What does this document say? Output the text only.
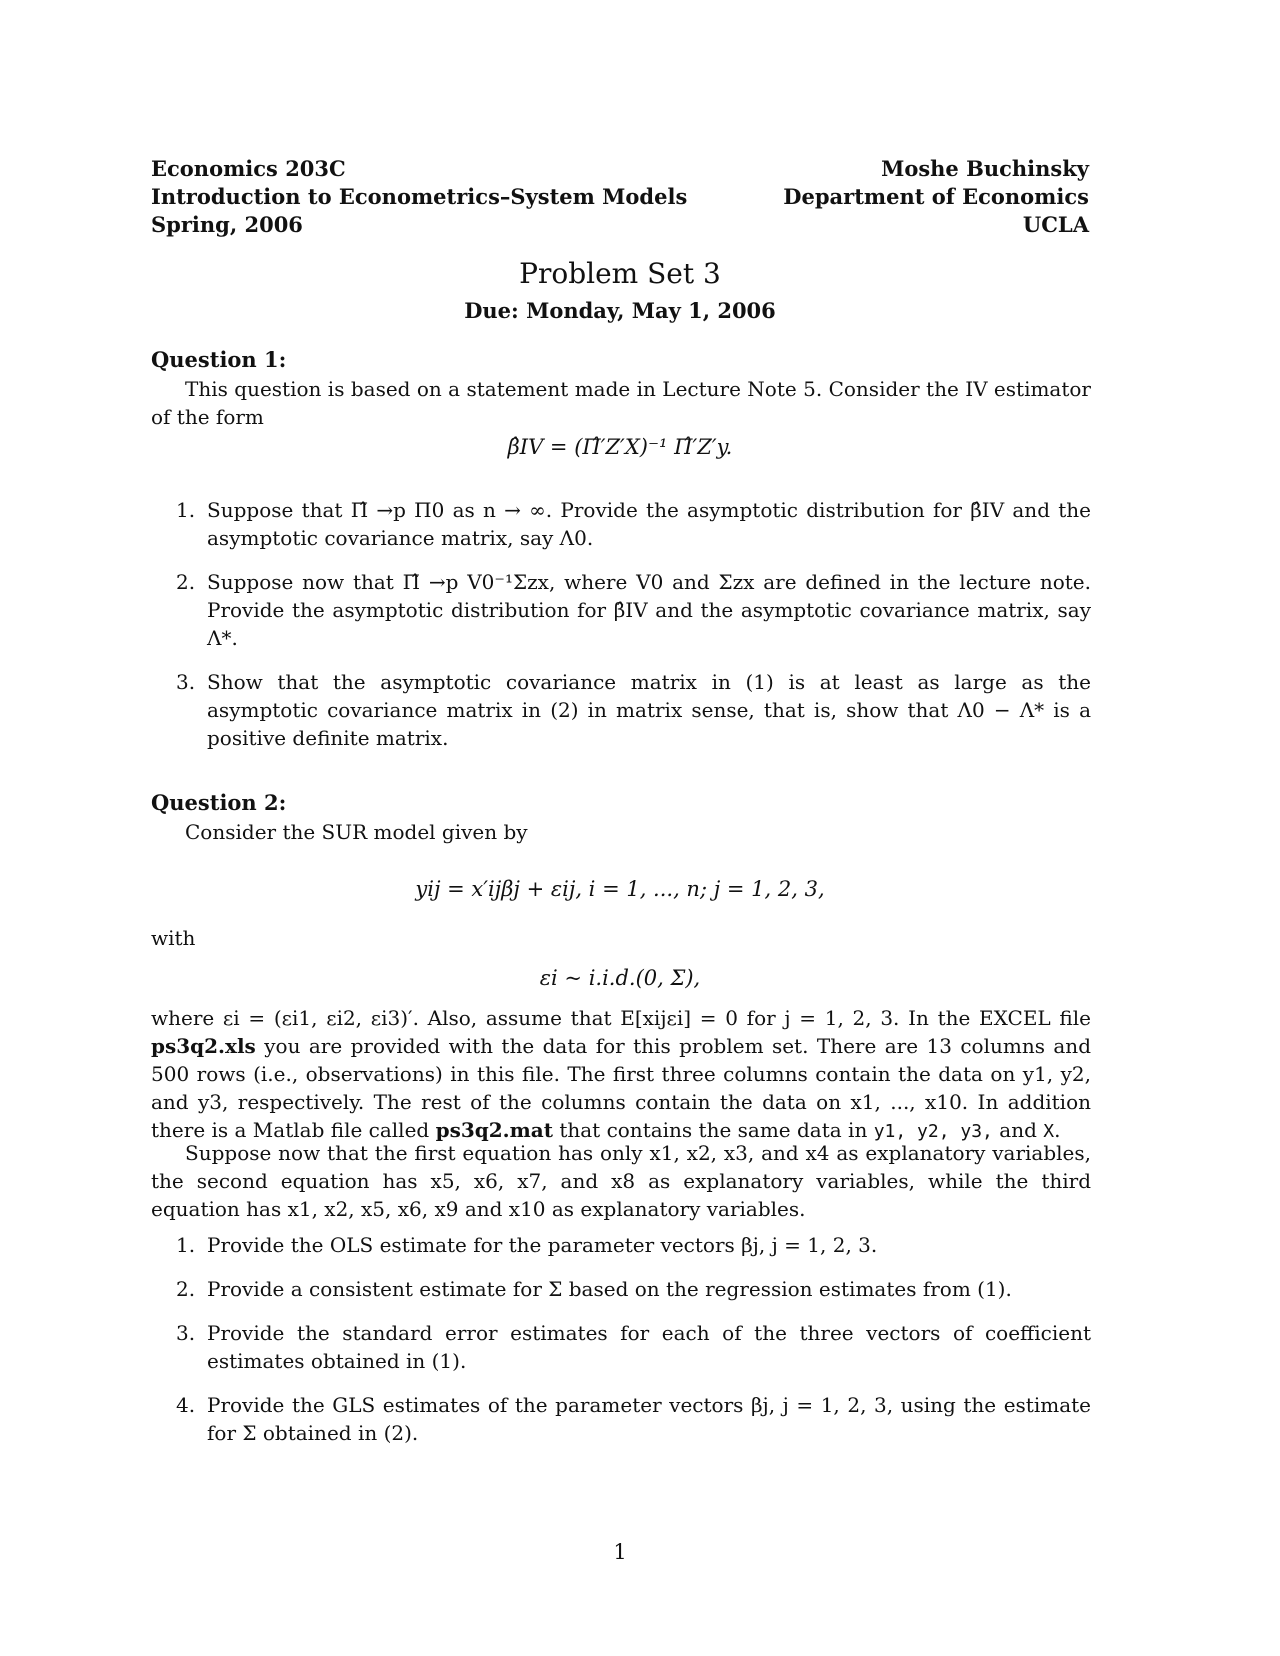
Economics 203C
Introduction to Econometrics–System Models
Spring, 2006
Moshe Buchinsky
Department of Economics
UCLA
Problem Set 3
Due: Monday, May 1, 2006
Question 1:
This question is based on a statement made in Lecture Note 5. Consider the IV estimator of the form
β̂IV = (Π̂′Z′X)⁻¹ Π̂′Z′y.
1. Suppose that Π̂ →p Π0 as n → ∞. Provide the asymptotic distribution for β̂IV and the asymptotic covariance matrix, say Λ0.
2. Suppose now that Π̂ →p V0⁻¹Σzx, where V0 and Σzx are defined in the lecture note. Provide the asymptotic distribution for β̂IV and the asymptotic covariance matrix, say Λ*.
3. Show that the asymptotic covariance matrix in (1) is at least as large as the asymptotic covariance matrix in (2) in matrix sense, that is, show that Λ0 − Λ* is a positive definite matrix.
Question 2:
Consider the SUR model given by
yij = x′ijβj + εij, i = 1, ..., n; j = 1, 2, 3,
with
εi ~ i.i.d.(0, Σ),
where εi = (εi1, εi2, εi3)′. Also, assume that E[xijεi] = 0 for j = 1, 2, 3. In the EXCEL file ps3q2.xls you are provided with the data for this problem set. There are 13 columns and 500 rows (i.e., observations) in this file. The first three columns contain the data on y1, y2, and y3, respectively. The rest of the columns contain the data on x1, ..., x10. In addition there is a Matlab file called ps3q2.mat that contains the same data in y1, y2, y3, and X.
Suppose now that the first equation has only x1, x2, x3, and x4 as explanatory variables, the second equation has x5, x6, x7, and x8 as explanatory variables, while the third equation has x1, x2, x5, x6, x9 and x10 as explanatory variables.
1. Provide the OLS estimate for the parameter vectors βj, j = 1, 2, 3.
2. Provide a consistent estimate for Σ based on the regression estimates from (1).
3. Provide the standard error estimates for each of the three vectors of coefficient estimates obtained in (1).
4. Provide the GLS estimates of the parameter vectors βj, j = 1, 2, 3, using the estimate for Σ obtained in (2).
1
